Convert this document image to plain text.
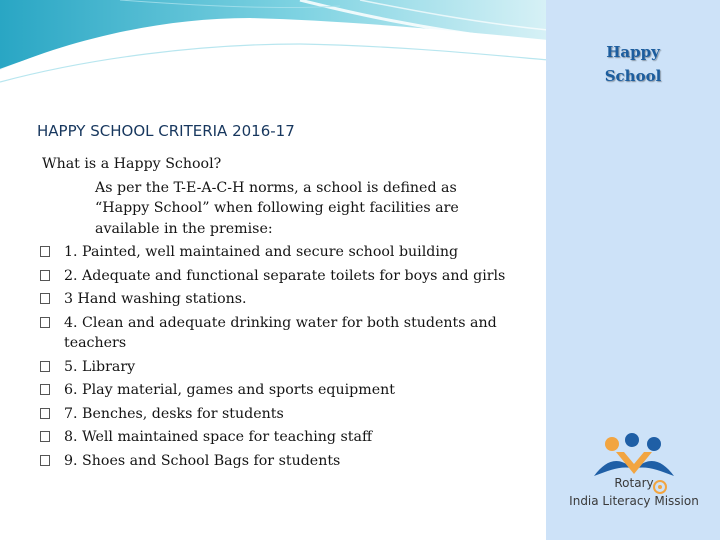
Happy
School
Rotary
India Literacy Mission
HAPPY SCHOOL CRITERIA 2016-17
What is a Happy School?
As per the T-E-A-C-H norms, a school is defined as “Happy School” when following eight facilities are available in the premise:
1. Painted, well maintained and secure school building
2. Adequate and functional separate toilets for boys and girls
3 Hand washing stations.
4. Clean and adequate drinking water for both students and teachers
5. Library
6. Play material, games and sports equipment
7. Benches, desks for students
8. Well maintained space for teaching staff
9. Shoes and School Bags for students
